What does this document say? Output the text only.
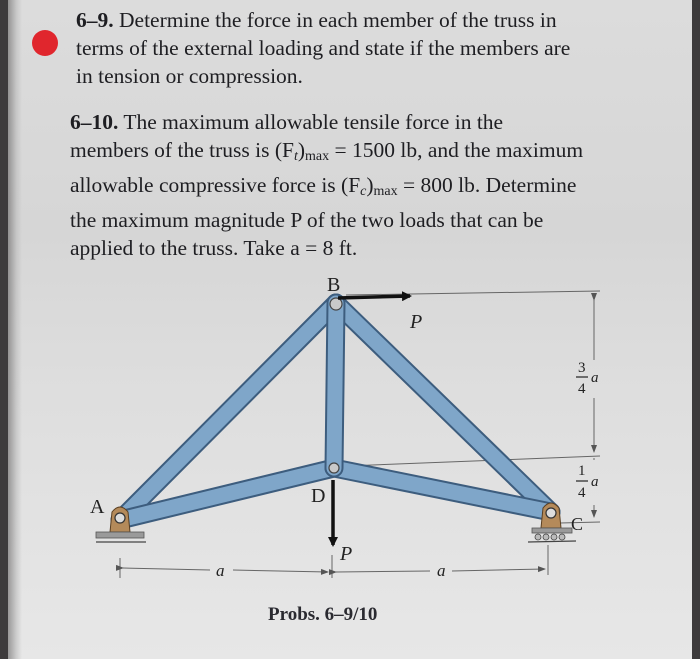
6–9. Determine the force in each member of the truss in
terms of the external loading and state if the members are
in tension or compression.
6–10. The maximum allowable tensile force in the
members of the truss is $(F_t)_{max} = 1500$ lb, and the maximum
allowable compressive force is $(F_c)_{max} = 800$ lb. Determine
the maximum magnitude P of the two loads that can be
applied to the truss. Take a = 8 ft.
A
B
C
D
P
P
a	a
3
4
a
1
4
a
Probs. 6–9/10
